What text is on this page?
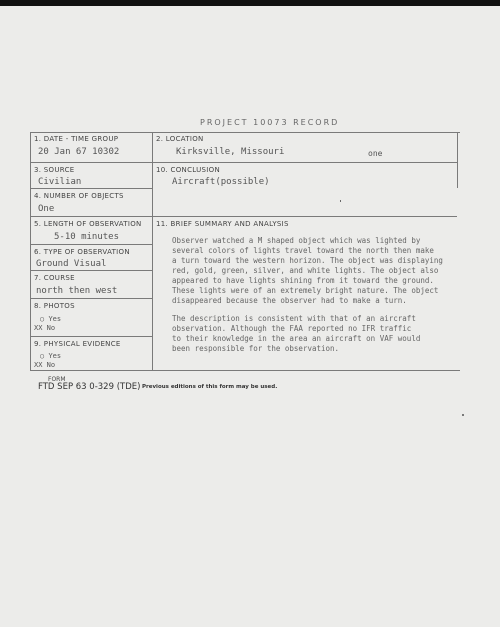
PROJECT 10073 RECORD
1. DATE - TIME GROUP
20 Jan 67 10302
2. LOCATION
Kirksville, Missouri	one
3. SOURCE
Civilian
10. CONCLUSION
Aircraft(possible)
4. NUMBER OF OBJECTS
One
5. LENGTH OF OBSERVATION
5-10 minutes
11. BRIEF SUMMARY AND ANALYSIS

Observer watched a M shaped object which was lighted by
several colors of lights travel toward the north then make
a turn toward the western horizon. The object was displaying
red, gold, green, silver, and white lights. The object also
appeared to have lights shining from it toward the ground.
These lights were of an extremely bright nature. The object
disappeared because the observer had to make a turn.

The description is consistent with that of an aircraft
observation. Although the FAA reported no IFR traffic
to their knowledge in the area an aircraft on VAF would
been responsible for the observation.

6. TYPE OF OBSERVATION
Ground Visual
7. COURSE
north then west
8. PHOTOS
○ Yes
XX No
9. PHYSICAL EVIDENCE
○ Yes
XX No
FORM
FTD SEP 63 0-329 (TDE) Previous editions of this form may be used.
